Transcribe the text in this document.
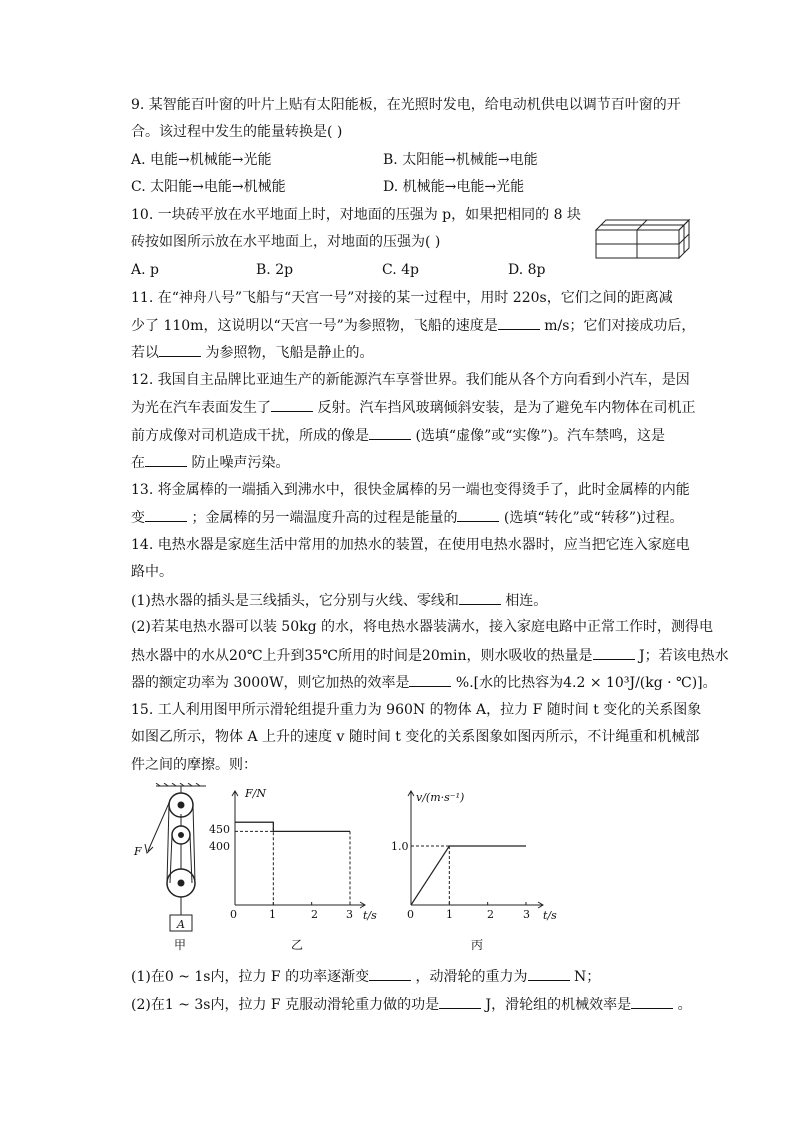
9. 某智能百叶窗的叶片上贴有太阳能板，在光照时发电，给电动机供电以调节百叶窗的开
合。该过程中发生的能量转换是( )
A. 电能→机械能→光能	B. 太阳能→机械能→电能
C. 太阳能→电能→机械能	D. 机械能→电能→光能
10. 一块砖平放在水平地面上时，对地面的压强为 p，如果把相同的 8 块
砖按如图所示放在水平地面上，对地面的压强为( )
A. p	B. 2p	C. 4p	D. 8p
11. 在“神舟八号”飞船与“天宫一号”对接的某一过程中，用时 220s，它们之间的距离减
少了 110m，这说明以“天宫一号”为参照物，飞船的速度是	m/s；它们对接成功后，
若以	为参照物，飞船是静止的。
12. 我国自主品牌比亚迪生产的新能源汽车享誉世界。我们能从各个方向看到小汽车，是因
为光在汽车表面发生了	反射。汽车挡风玻璃倾斜安装，是为了避免车内物体在司机正
前方成像对司机造成干扰，所成的像是	(选填“虚像”或“实像”)。汽车禁鸣，这是
在	防止噪声污染。
13. 将金属棒的一端插入到沸水中，很快金属棒的另一端也变得烫手了，此时金属棒的内能
变	；金属棒的另一端温度升高的过程是能量的	(选填“转化”或“转移”)过程。
14. 电热水器是家庭生活中常用的加热水的装置，在使用电热水器时，应当把它连入家庭电
路中。
(1)热水器的插头是三线插头，它分别与火线、零线和	相连。
(2)若某电热水器可以装 50kg 的水，将电热水器装满水，接入家庭电路中正常工作时，测得电
热水器中的水从20℃上升到35℃所用的时间是20min，则水吸收的热量是	J；若该电热水
器的额定功率为 3000W，则它加热的效率是	%.[水的比热容为4.2 × 10³J/(kg · ℃)]。
15. 工人利用图甲所示滑轮组提升重力为 960N 的物体 A，拉力 F 随时间 t 变化的关系图象
如图乙所示，物体 A 上升的速度 v 随时间 t 变化的关系图象如图丙所示，不计绳重和机械部
件之间的摩擦。则：
F
A
甲
F/N
t/s
450
400
0	1	2	3
乙
v/(m·s⁻¹)
t/s
1.0
0	1	2	3
丙
(1)在0 ~ 1s内，拉力 F 的功率逐渐变	，动滑轮的重力为	N；
(2)在1 ~ 3s内，拉力 F 克服动滑轮重力做的功是	J，滑轮组的机械效率是	。
